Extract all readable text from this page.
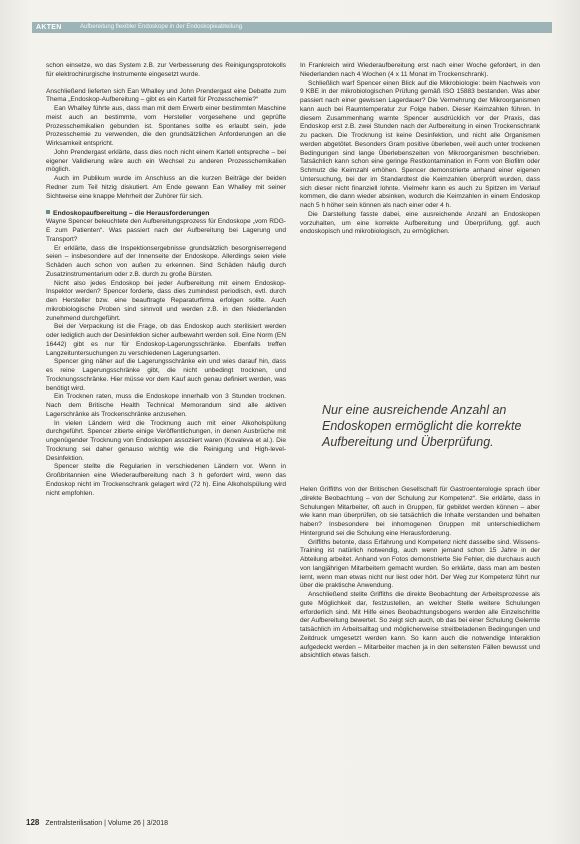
AKTEN	Aufbereitung flexibler Endoskope in der Endoskopieabteilung

schon einsetze, wo das System z.B. zur Verbesserung des Reinigungsprotokolls für elektrochirurgische Instrumente eingesetzt wurde.

Anschließend lieferten sich Ean Whalley und John Prendergast eine Debatte zum Thema „Endoskop-Aufbereitung – gibt es ein Kartell für Prozesschemie?“

Ean Whalley führte aus, dass man mit dem Erwerb einer bestimmten Maschine meist auch an bestimmte, vom Hersteller vorgesehene und geprüfte Prozesschemikalien gebunden ist. Spontanes sollte es erlaubt sein, jede Prozesschemie zu verwenden, die den grundsätzlichen Anforderungen an die Wirksamkeit entspricht.

John Prendergast erklärte, dass dies noch nicht einem Kartell entspreche – bei eigener Validierung wäre auch ein Wechsel zu anderen Prozesschemikalien möglich.

Auch im Publikum wurde im Anschluss an die kurzen Beiträge der beiden Redner zum Teil hitzig diskutiert. Am Ende gewann Ean Whalley mit seiner Sichtweise eine knappe Mehrheit der Zuhörer für sich.

Endoskopaufbereitung – die Herausforderungen

Wayne Spencer beleuchtete den Aufbereitungsprozess für Endoskope „vom RDG-E zum Patienten“. Was passiert nach der Aufbereitung bei Lagerung und Transport?

Er erklärte, dass die Inspektionsergebnisse grundsätzlich besorgniserregend seien – insbesondere auf der Innenseite der Endoskope. Allerdings seien viele Schäden auch schon von außen zu erkennen. Sind Schäden häufig durch Zusatzinstrumentarium oder z.B. durch zu große Bürsten.

Nicht also jedes Endoskop bei jeder Aufbereitung mit einem Endoskop-Inspektor werden? Spencer forderte, dass dies zumindest periodisch, evtl. durch den Hersteller bzw. eine beauftragte Reparaturfirma erfolgen sollte. Auch mikrobiologische Proben sind sinnvoll und werden z.B. in den Niederlanden zunehmend durchgeführt.

Bei der Verpackung ist die Frage, ob das Endoskop auch sterilisiert werden oder lediglich auch der Desinfektion sicher aufbewahrt werden soll. Eine Norm (EN 16442) gibt es nur für Endoskop-Lagerungsschränke. Ebenfalls treffen Langzeituntersuchungen zu verschiedenen Lagerungsarten.

Spencer ging näher auf die Lagerungsschränke ein und wies darauf hin, dass es reine Lagerungsschränke gibt, die nicht unbedingt trocknen, und Trocknungsschränke. Hier müsse vor dem Kauf auch genau definiert werden, was benötigt wird.

Ein Trocknen raten, muss die Endoskope innerhalb von 3 Stunden trocknen. Nach dem Britische Health Technical Memorandum sind alle aktiven Lagerschränke als Trockenschränke anzusehen.

In vielen Ländern wird die Trocknung auch mit einer Alkoholspülung durchgeführt. Spencer zitierte einige Veröffentlichungen, in denen Ausbrüche mit ungenügender Trocknung von Endoskopen assoziiert waren (Kovaleva et al.). Die Trocknung sei daher genauso wichtig wie die Reinigung und High-level-Desinfektion.

Spencer stellte die Regularien in verschiedenen Ländern vor. Wenn in Großbritannien eine Wiederaufbereitung nach 3 h gefordert wird, wenn das Endoskop nicht im Trockenschrank gelagert wird (72 h). Eine Alkoholspülung wird nicht empfohlen.

In Frankreich wird Wiederaufbereitung erst nach einer Woche gefordert, in den Niederlanden nach 4 Wochen (4 x 11 Monat im Trockenschrank).

Schließlich warf Spencer einen Blick auf die Mikrobiologie: beim Nachweis von 9 KBE in der mikrobiologischen Prüfung gemäß ISO 15883 bestanden. Was aber passiert nach einer gewissen Lagerdauer? Die Vermehrung der Mikroorganismen kann auch bei Raumtemperatur zur Folge haben. Dieser Keimzahlen führen. In diesem Zusammenhang warnte Spencer ausdrücklich vor der Praxis, das Endoskop erst z.B. zwei Stunden nach der Aufbereitung in einen Trockenschrank zu packen. Die Trocknung ist keine Desinfektion, und nicht alle Organismen werden abgetötet. Besonders Gram positive überleben, weil auch unter trockenen Bedingungen sind lange Überlebenszeiten von Mikroorganismen beschrieben. Tatsächlich kann schon eine geringe Restkontamination in Form von Biofilm oder Schmutz die Keimzahl erhöhen. Spencer demonstrierte anhand einer eigenen Untersuchung, bei der im Standardtest die Keimzahlen überprüft wurden, dass sich dieser nicht finanziell lohnte. Vielmehr kann es auch zu Spitzen im Verlauf kommen, die dann wieder absinken, wodurch die Keimzahlen in einem Endoskop nach 5 h höher sein können als nach einer oder 4 h.

Die Darstellung fasste dabei, eine ausreichende Anzahl an Endoskopen vorzuhalten, um eine korrekte Aufbereitung und Überprüfung, ggf. auch endoskopisch und mikrobiologisch, zu ermöglichen.

Nur eine ausreichende Anzahl an Endoskopen ermöglicht die korrekte Aufbereitung und Überprüfung.

Helen Griffiths von der Britischen Gesellschaft für Gastroenterologie sprach über „direkte Beobachtung – von der Schulung zur Kompetenz“. Sie erklärte, dass in Schulungen Mitarbeiter, oft auch in Gruppen, für gebildet werden können – aber wie kann man überprüfen, ob sie tatsächlich die Inhalte verstanden und behalten haben? Insbesondere bei inhomogenen Gruppen mit unterschiedlichem Hintergrund sei die Schulung eine Herausforderung.

Griffiths betonte, dass Erfahrung und Kompetenz nicht dasselbe sind. Wissens-Training ist natürlich notwendig, auch wenn jemand schon 15 Jahre in der Abteilung arbeitet. Anhand von Fotos demonstrierte Sie Fehler, die durchaus auch von langjährigen Mitarbeitern gemacht wurden. So erklärte, dass man am besten lernt, wenn man etwas nicht nur liest oder hört. Der Weg zur Kompetenz führt nur über die praktische Anwendung.

Anschließend stellte Griffiths die direkte Beobachtung der Arbeitsprozesse als gute Möglichkeit dar, festzustellen, an welcher Stelle weitere Schulungen erforderlich sind. Mit Hilfe eines Beobachtungsbogens werden alle Einzelschritte der Aufbereitung bewertet. So zeigt sich auch, ob das bei einer Schulung Gelernte tatsächlich im Arbeitsalltag und möglicherweise streitbeladenen Bedingungen und Zeitdruck umgesetzt werden kann. So kann auch die notwendige Interaktion aufgedeckt werden – Mitarbeiter machen ja in den seltensten Fällen bewusst und absichtlich etwas falsch.

128 Zentralsterilisation | Volume 26 | 3/2018
